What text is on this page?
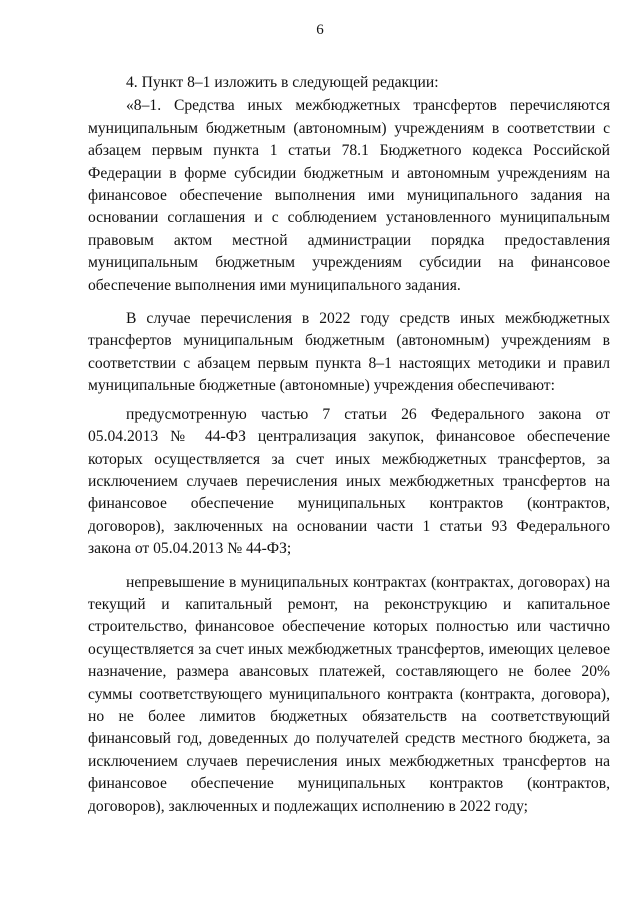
6

4. Пункт 8–1 изложить в следующей редакции:

«8–1. Средства иных межбюджетных трансфертов перечисляются муниципальным бюджетным (автономным) учреждениям в соответствии с абзацем первым пункта 1 статьи 78.1 Бюджетного кодекса Российской Федерации в форме субсидии бюджетным и автономным учреждениям на финансовое обеспечение выполнения ими муниципального задания на основании соглашения и с соблюдением установленного муниципальным правовым актом местной администрации порядка предоставления муниципальным бюджетным учреждениям субсидии на финансовое обеспечение выполнения ими муниципального задания.

В случае перечисления в 2022 году средств иных межбюджетных трансфертов муниципальным бюджетным (автономным) учреждениям в соответствии с абзацем первым пункта 8–1 настоящих методики и правил муниципальные бюджетные (автономные) учреждения обеспечивают:

предусмотренную частью 7 статьи 26 Федерального закона от 05.04.2013 № 44-ФЗ централизация закупок, финансовое обеспечение которых осуществляется за счет иных межбюджетных трансфертов, за исключением случаев перечисления иных межбюджетных трансфертов на финансовое обеспечение муниципальных контрактов (контрактов, договоров), заключенных на основании части 1 статьи 93 Федерального закона от 05.04.2013 № 44-ФЗ;

непревышение в муниципальных контрактах (контрактах, договорах) на текущий и капитальный ремонт, на реконструкцию и капитальное строительство, финансовое обеспечение которых полностью или частично осуществляется за счет иных межбюджетных трансфертов, имеющих целевое назначение, размера авансовых платежей, составляющего не более 20% суммы соответствующего муниципального контракта (контракта, договора), но не более лимитов бюджетных обязательств на соответствующий финансовый год, доведенных до получателей средств местного бюджета, за исключением случаев перечисления иных межбюджетных трансфертов на финансовое обеспечение муниципальных контрактов (контрактов, договоров), заключенных и подлежащих исполнению в 2022 году;
